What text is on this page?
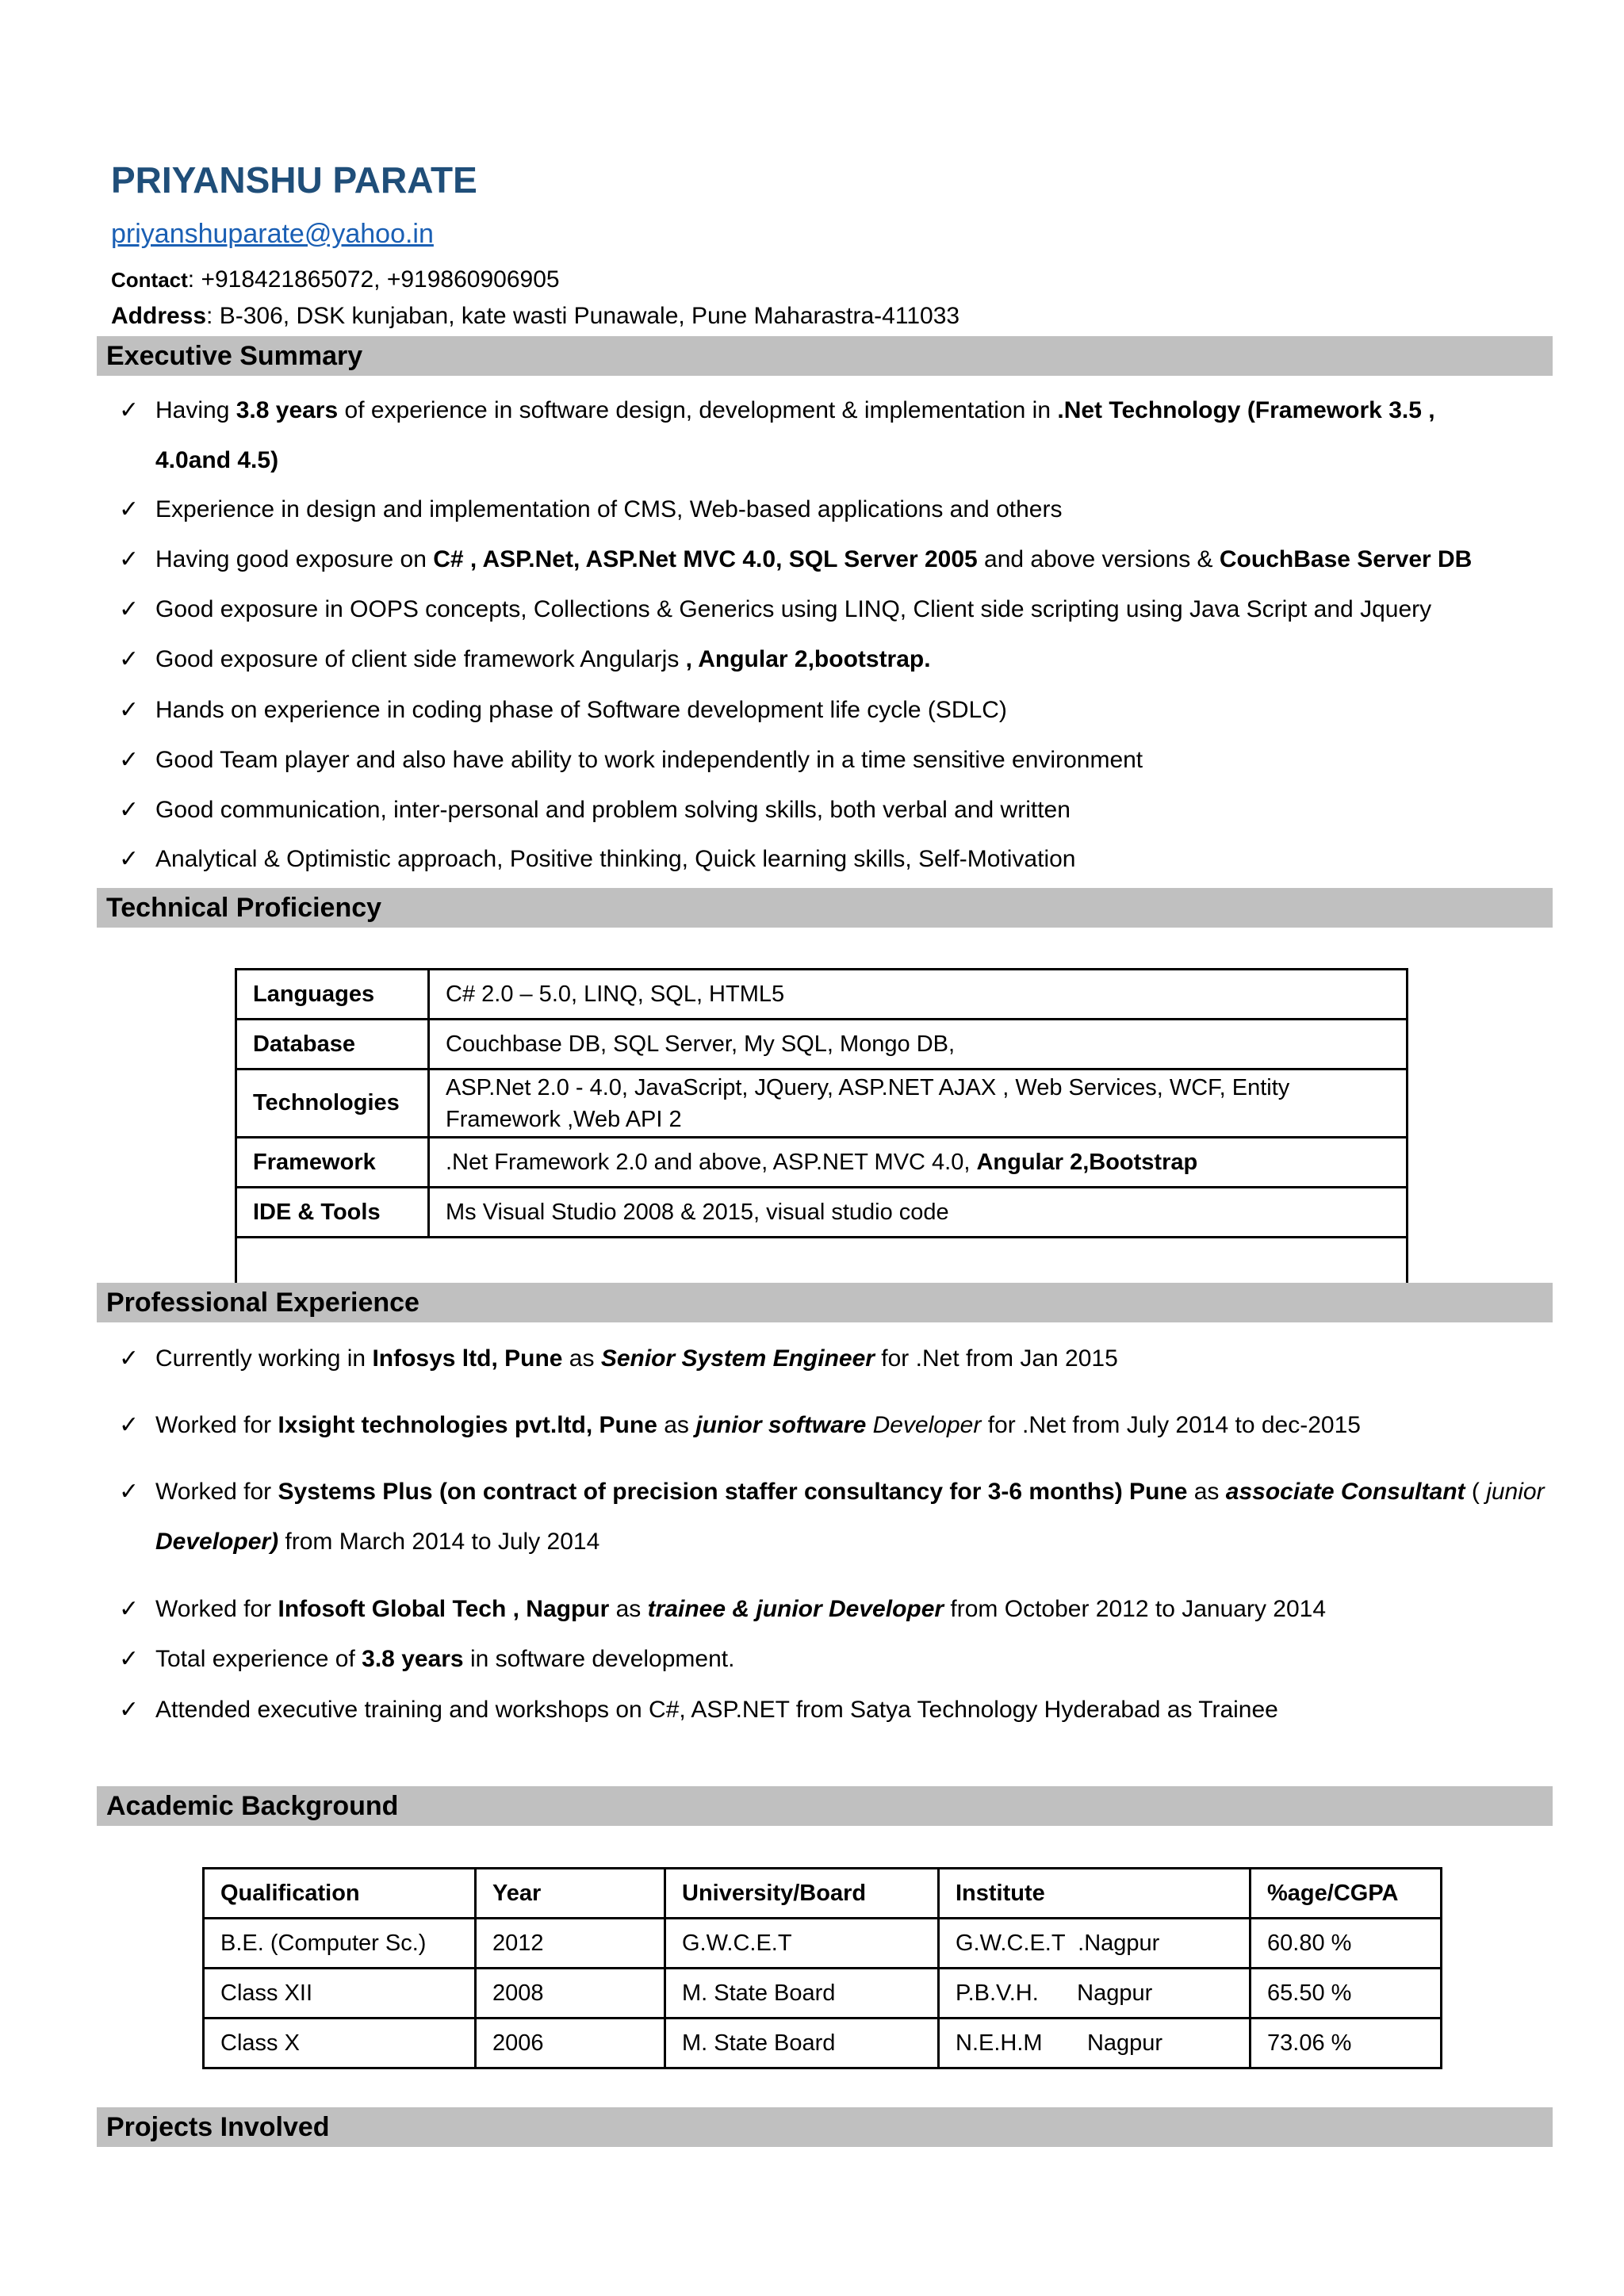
PRIYANSHU PARATE
priyanshuparate@yahoo.in
Contact: +918421865072, +919860906905
Address: B-306, DSK kunjaban, kate wasti Punawale, Pune Maharastra-411033
Executive Summary
✓ Having 3.8 years of experience in software design, development & implementation in .Net Technology (Framework 3.5 ,
4.0and 4.5)
✓ Experience in design and implementation of CMS, Web-based applications and others
✓ Having good exposure on C# , ASP.Net, ASP.Net MVC 4.0, SQL Server 2005 and above versions & CouchBase Server DB
✓ Good exposure in OOPS concepts, Collections & Generics using LINQ, Client side scripting using Java Script and Jquery
✓ Good exposure of client side framework Angularjs , Angular 2,bootstrap.
✓ Hands on experience in coding phase of Software development life cycle (SDLC)
✓ Good Team player and also have ability to work independently in a time sensitive environment
✓ Good communication, inter-personal and problem solving skills, both verbal and written
✓ Analytical & Optimistic approach, Positive thinking, Quick learning skills, Self-Motivation
Technical Proficiency
Languages	C# 2.0 – 5.0, LINQ, SQL, HTML5
Database	Couchbase DB, SQL Server, My SQL, Mongo DB,
Technologies	ASP.Net 2.0 - 4.0, JavaScript, JQuery, ASP.NET AJAX , Web Services, WCF, Entity
Framework ,Web API 2
Framework	.Net Framework 2.0 and above, ASP.NET MVC 4.0, Angular 2,Bootstrap
IDE & Tools	Ms Visual Studio 2008 & 2015, visual studio code

Professional Experience
✓ Currently working in Infosys ltd, Pune as Senior System Engineer for .Net from Jan 2015
✓ Worked for Ixsight technologies pvt.ltd, Pune as junior software Developer for .Net from July 2014 to dec-2015
✓ Worked for Systems Plus (on contract of precision staffer consultancy for 3-6 months) Pune as associate Consultant ( junior
Developer) from March 2014 to July 2014
✓ Worked for Infosoft Global Tech , Nagpur as trainee & junior Developer from October 2012 to January 2014
✓ Total experience of 3.8 years in software development.
✓ Attended executive training and workshops on C#, ASP.NET from Satya Technology Hyderabad as Trainee
Academic Background
Qualification	Year	University/Board	Institute	%age/CGPA
B.E. (Computer Sc.)	2012	G.W.C.E.T	G.W.C.E.T  .Nagpur	60.80 %
Class XII	2008	M. State Board	P.B.V.H.      Nagpur	65.50 %
Class X	2006	M. State Board	N.E.H.M       Nagpur	73.06 %
Projects Involved
